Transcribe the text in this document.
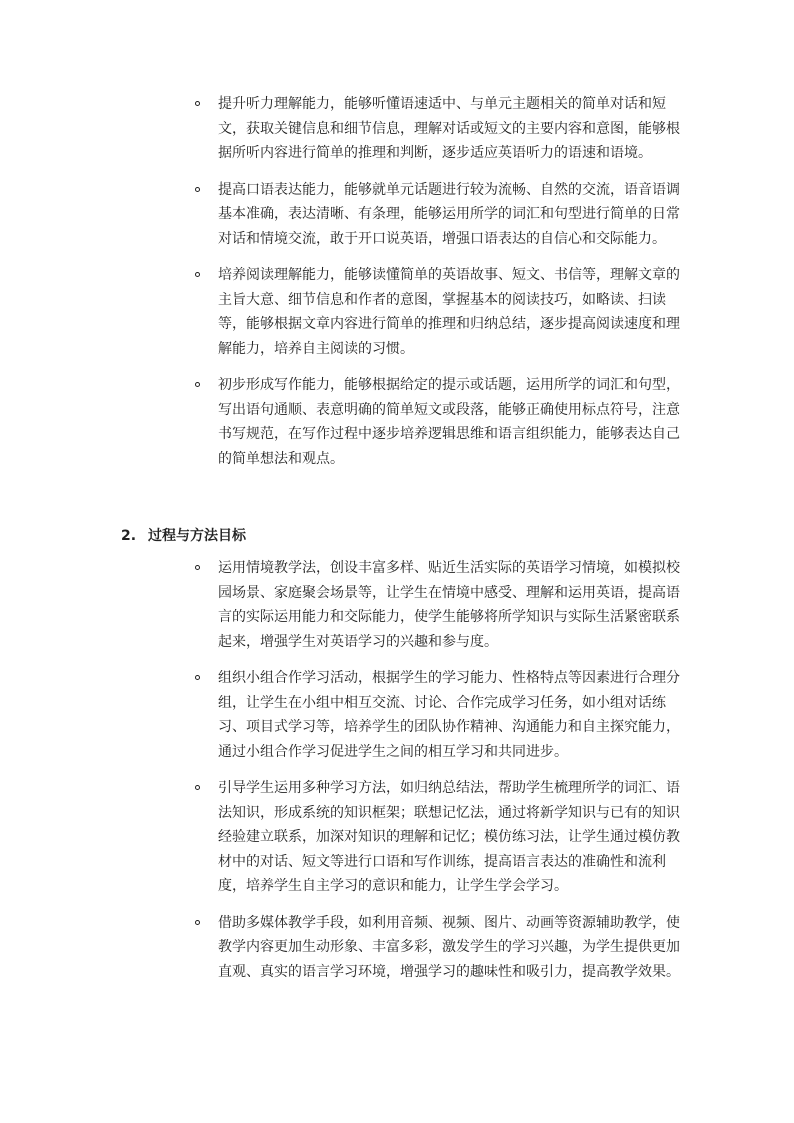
提升听力理解能力，能够听懂语速适中、与单元主题相关的简单对话和短文，获取关键信息和细节信息，理解对话或短文的主要内容和意图，能够根据所听内容进行简单的推理和判断，逐步适应英语听力的语速和语境。
提高口语表达能力，能够就单元话题进行较为流畅、自然的交流，语音语调基本准确，表达清晰、有条理，能够运用所学的词汇和句型进行简单的日常对话和情境交流，敢于开口说英语，增强口语表达的自信心和交际能力。
培养阅读理解能力，能够读懂简单的英语故事、短文、书信等，理解文章的主旨大意、细节信息和作者的意图，掌握基本的阅读技巧，如略读、扫读等，能够根据文章内容进行简单的推理和归纳总结，逐步提高阅读速度和理解能力，培养自主阅读的习惯。
初步形成写作能力，能够根据给定的提示或话题，运用所学的词汇和句型，写出语句通顺、表意明确的简单短文或段落，能够正确使用标点符号，注意书写规范，在写作过程中逐步培养逻辑思维和语言组织能力，能够表达自己的简单想法和观点。
2. 过程与方法目标
运用情境教学法，创设丰富多样、贴近生活实际的英语学习情境，如模拟校园场景、家庭聚会场景等，让学生在情境中感受、理解和运用英语，提高语言的实际运用能力和交际能力，使学生能够将所学知识与实际生活紧密联系起来，增强学生对英语学习的兴趣和参与度。
组织小组合作学习活动，根据学生的学习能力、性格特点等因素进行合理分组，让学生在小组中相互交流、讨论、合作完成学习任务，如小组对话练习、项目式学习等，培养学生的团队协作精神、沟通能力和自主探究能力，通过小组合作学习促进学生之间的相互学习和共同进步。
引导学生运用多种学习方法，如归纳总结法，帮助学生梳理所学的词汇、语法知识，形成系统的知识框架；联想记忆法，通过将新学知识与已有的知识经验建立联系，加深对知识的理解和记忆；模仿练习法，让学生通过模仿教材中的对话、短文等进行口语和写作训练，提高语言表达的准确性和流利度，培养学生自主学习的意识和能力，让学生学会学习。
借助多媒体教学手段，如利用音频、视频、图片、动画等资源辅助教学，使教学内容更加生动形象、丰富多彩，激发学生的学习兴趣，为学生提供更加直观、真实的语言学习环境，增强学习的趣味性和吸引力，提高教学效果。
